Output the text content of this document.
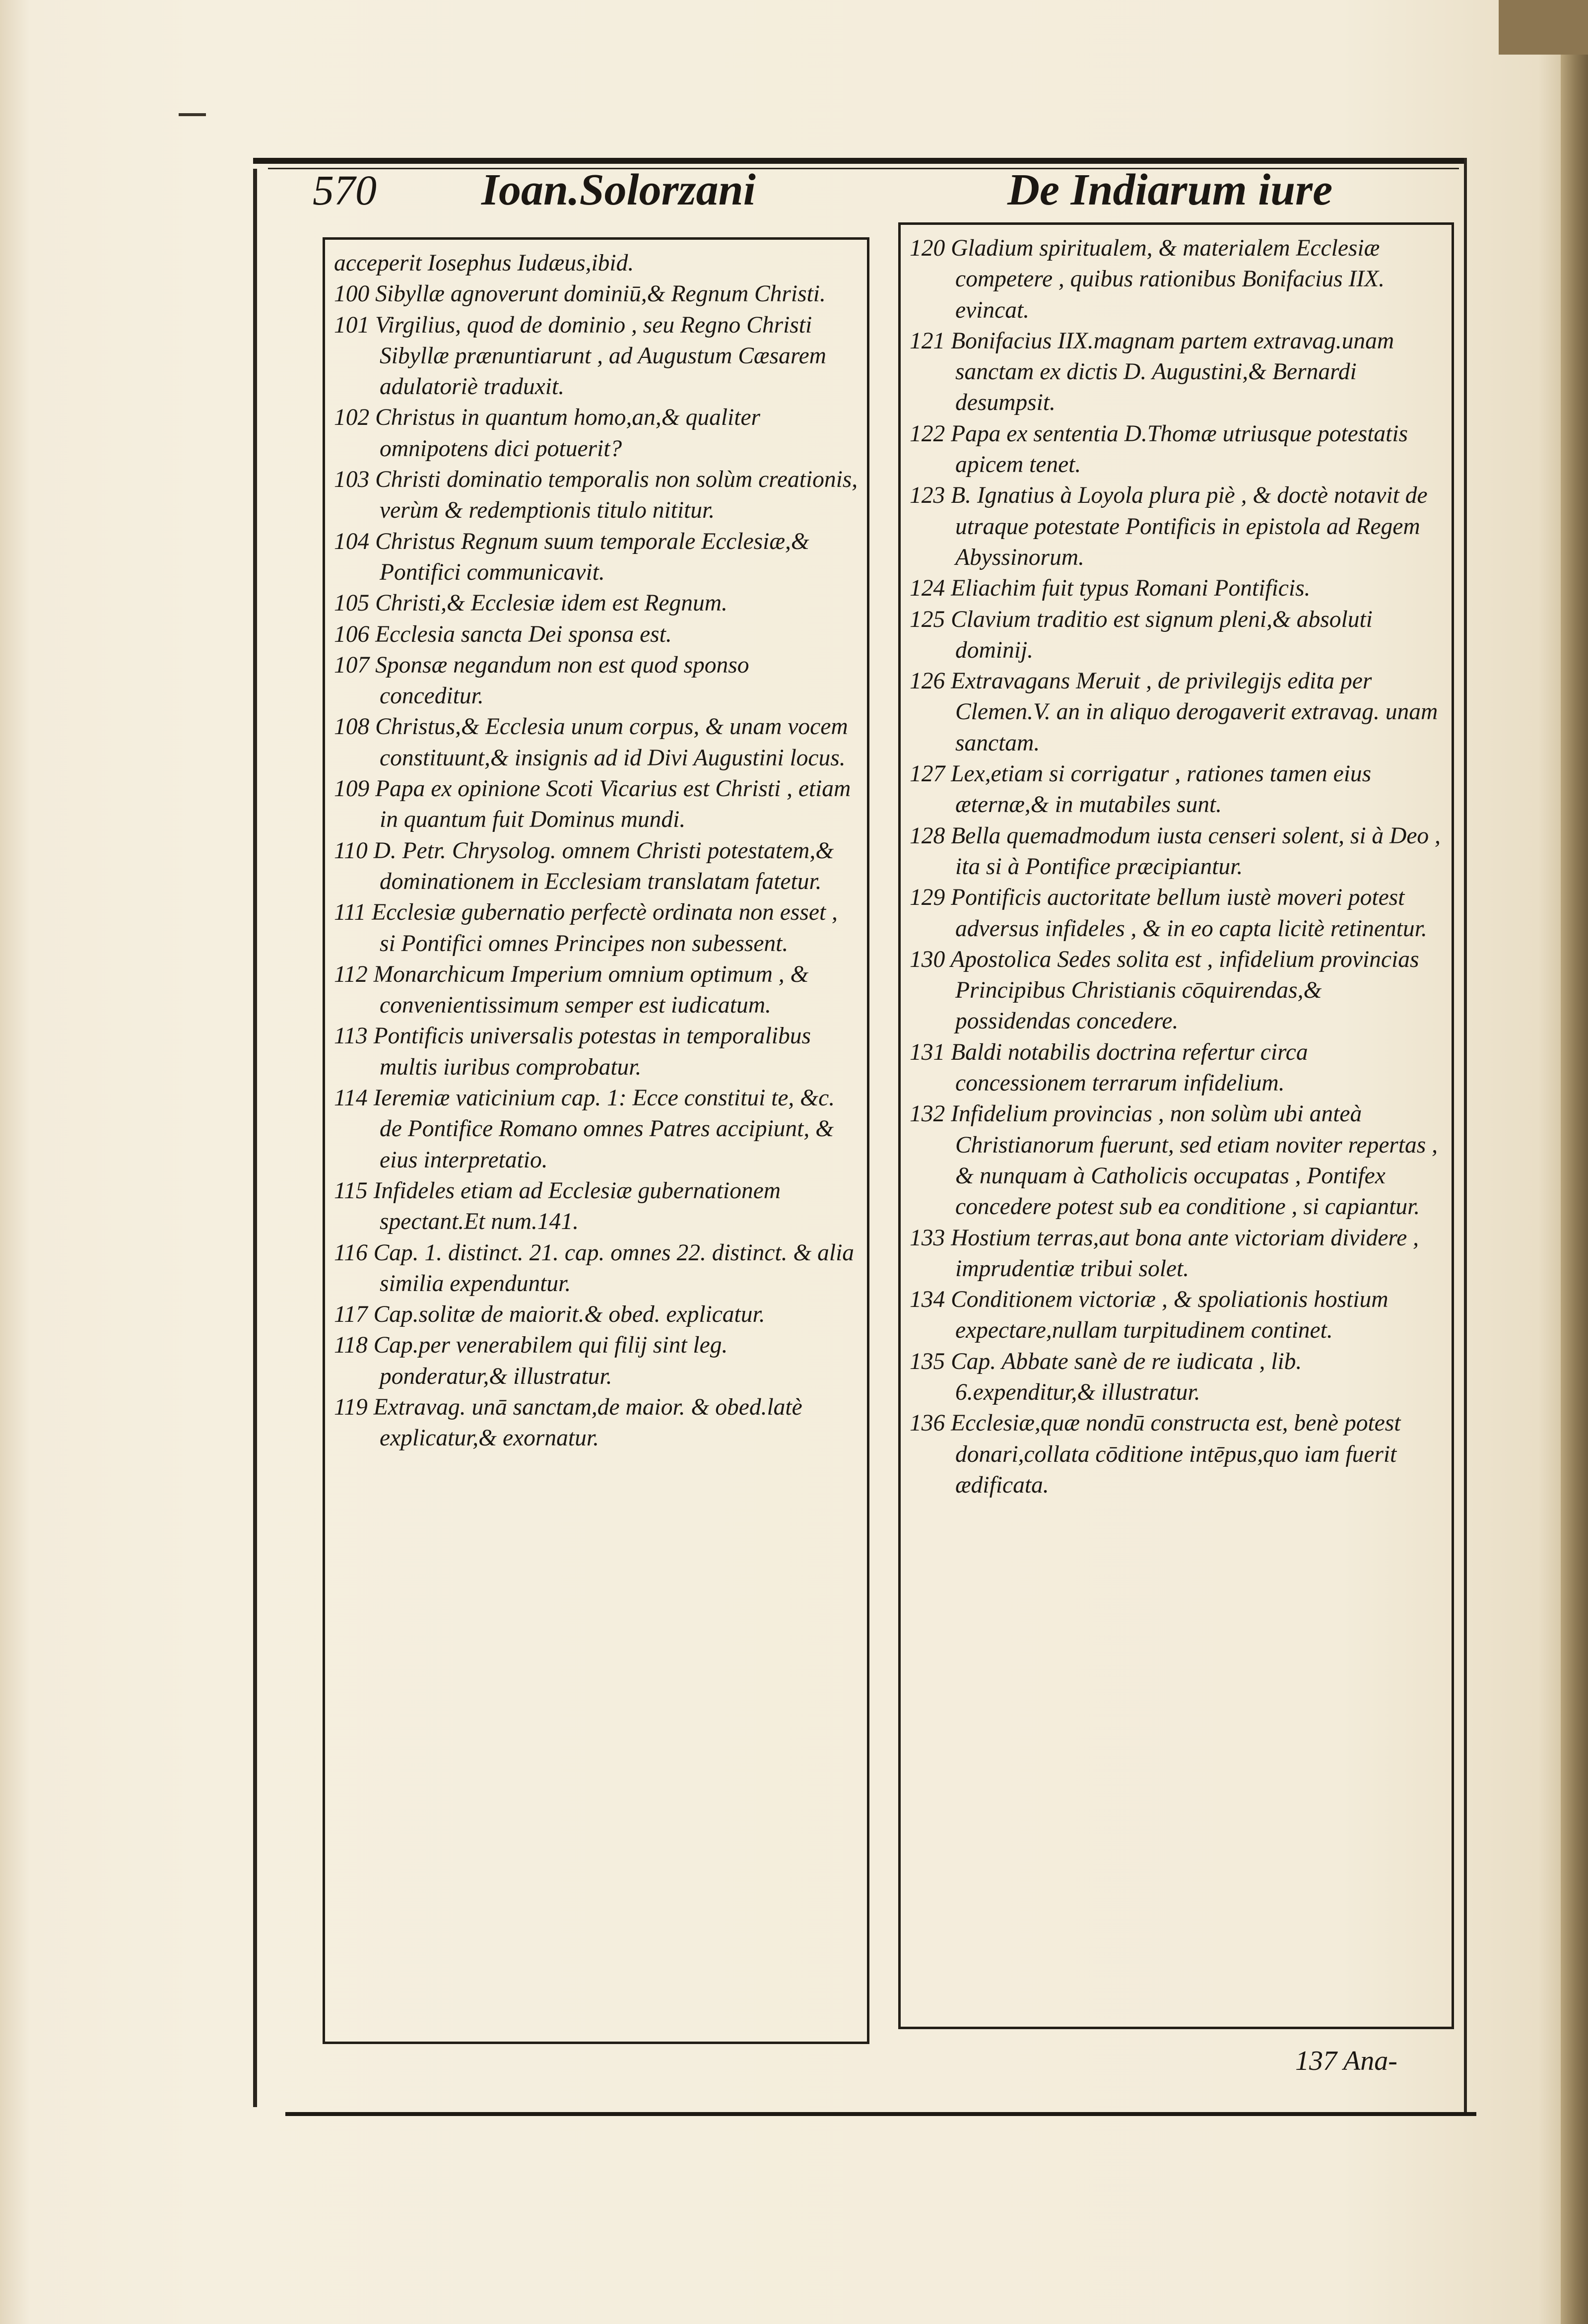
570 Ioan.Solorzani	De Indiarum iure

acceperit Iosephus Iudæus,ibid.

100 Sibyllæ agnoverunt dominiū,& Regnum Christi.

101 Virgilius, quod de dominio , seu Regno Christi Sibyllæ prænuntiarunt , ad Augustum Cæsarem adulatoriè traduxit.

102 Christus in quantum homo,an,& qualiter omnipotens dici potuerit?

103 Christi dominatio temporalis non solùm creationis, verùm & redemptionis titulo nititur.

104 Christus Regnum suum temporale Ecclesiæ,& Pontifici communicavit.

105 Christi,& Ecclesiæ idem est Regnum.

106 Ecclesia sancta Dei sponsa est.

107 Sponsæ negandum non est quod sponso conceditur.

108 Christus,& Ecclesia unum corpus, & unam vocem constituunt,& insignis ad id Divi Augustini locus.

109 Papa ex opinione Scoti Vicarius est Christi , etiam in quantum fuit Dominus mundi.

110 D. Petr. Chrysolog. omnem Christi potestatem,& dominationem in Ecclesiam translatam fatetur.

111 Ecclesiæ gubernatio perfectè ordinata non esset , si Pontifici omnes Principes non subessent.

112 Monarchicum Imperium omnium optimum , & convenientissimum semper est iudicatum.

113 Pontificis universalis potestas in temporalibus multis iuribus comprobatur.

114 Ieremiæ vaticinium cap. 1: Ecce constitui te, &c. de Pontifice Romano omnes Patres accipiunt, & eius interpretatio.

115 Infideles etiam ad Ecclesiæ gubernationem spectant.Et num.141.

116 Cap. 1. distinct. 21. cap. omnes 22. distinct. & alia similia expenduntur.

117 Cap.solitæ de maiorit.& obed. explicatur.

118 Cap.per venerabilem qui filij sint leg. ponderatur,& illustratur.

119 Extravag. unā sanctam,de maior. & obed.latè explicatur,& exornatur.

120 Gladium spiritualem, & materialem Ecclesiæ competere , quibus rationibus Bonifacius IIX. evincat.

121 Bonifacius IIX.magnam partem extravag.unam sanctam ex dictis D. Augustini,& Bernardi desumpsit.

122 Papa ex sententia D.Thomæ utriusque potestatis apicem tenet.

123 B. Ignatius à Loyola plura piè , & doctè notavit de utraque potestate Pontificis in epistola ad Regem Abyssinorum.

124 Eliachim fuit typus Romani Pontificis.

125 Clavium traditio est signum pleni,& absoluti dominij.

126 Extravagans Meruit , de privilegijs edita per Clemen.V. an in aliquo derogaverit extravag. unam sanctam.

127 Lex,etiam si corrigatur , rationes tamen eius æternæ,& in mutabiles sunt.

128 Bella quemadmodum iusta censeri solent, si à Deo , ita si à Pontifice præcipiantur.

129 Pontificis auctoritate bellum iustè moveri potest adversus infideles , & in eo capta licitè retinentur.

130 Apostolica Sedes solita est , infidelium provincias Principibus Christianis cōquirendas,& possidendas concedere.

131 Baldi notabilis doctrina refertur circa concessionem terrarum infidelium.

132 Infidelium provincias , non solùm ubi anteà Christianorum fuerunt, sed etiam noviter repertas , & nunquam à Catholicis occupatas , Pontifex concedere potest sub ea conditione , si capiantur.

133 Hostium terras,aut bona ante victoriam dividere , imprudentiæ tribui solet.

134 Conditionem victoriæ , & spoliationis hostium expectare,nullam turpitudinem continet.

135 Cap. Abbate sanè de re iudicata , lib. 6.expenditur,& illustratur.

136 Ecclesiæ,quæ nondū constructa est, benè potest donari,collata cōditione intēpus,quo iam fuerit ædificata.

137 Ana-
